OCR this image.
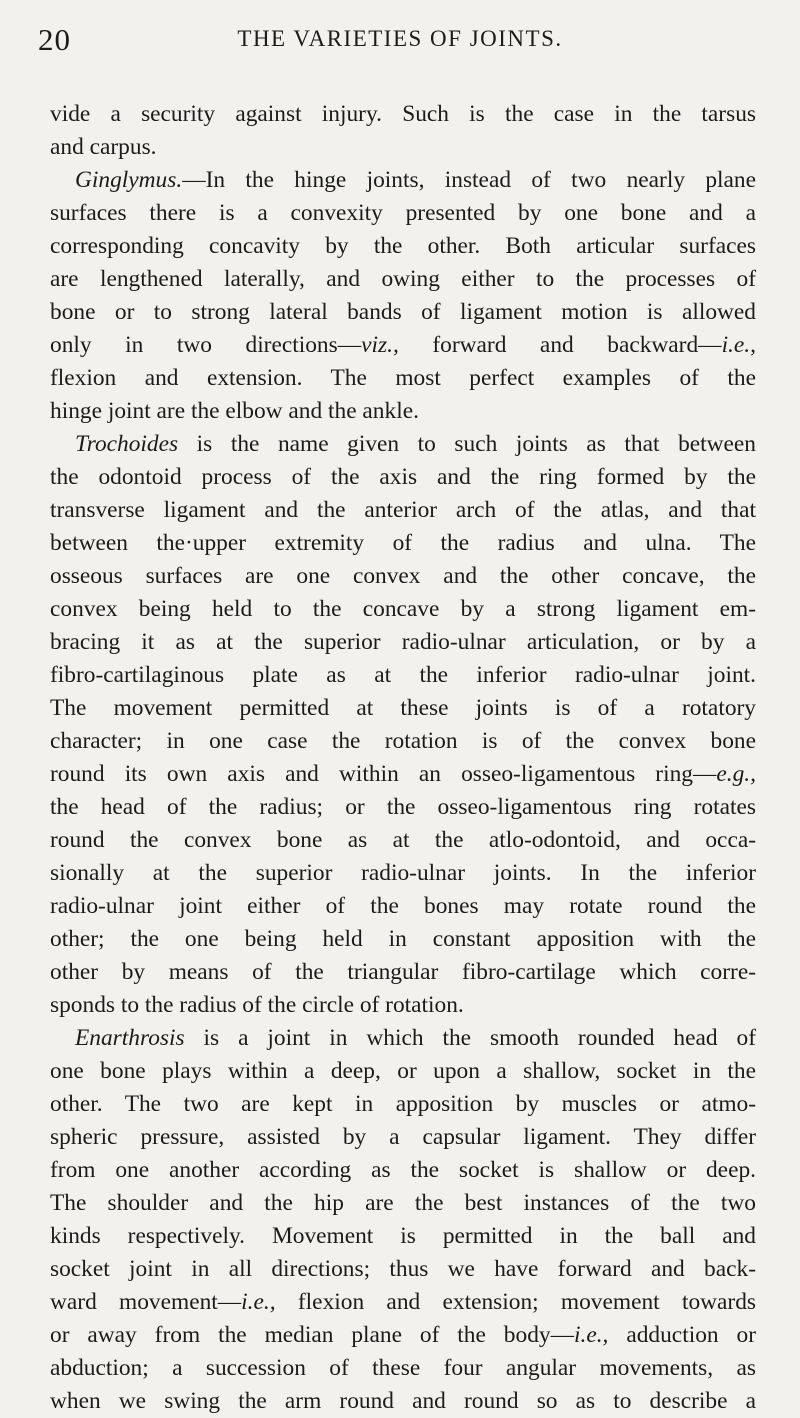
20	THE VARIETIES OF JOINTS.
vide a security against injury. Such is the case in the tarsus
and carpus.
Ginglymus.—In the hinge joints, instead of two nearly plane
surfaces there is a convexity presented by one bone and a
corresponding concavity by the other. Both articular surfaces
are lengthened laterally, and owing either to the processes of
bone or to strong lateral bands of ligament motion is allowed
only in two directions—viz., forward and backward—i.e.,
flexion and extension. The most perfect examples of the
hinge joint are the elbow and the ankle.
Trochoides is the name given to such joints as that between
the odontoid process of the axis and the ring formed by the
transverse ligament and the anterior arch of the atlas, and that
between the·upper extremity of the radius and ulna. The
osseous surfaces are one convex and the other concave, the
convex being held to the concave by a strong ligament em-
bracing it as at the superior radio-ulnar articulation, or by a
fibro-cartilaginous plate as at the inferior radio-ulnar joint.
The movement permitted at these joints is of a rotatory
character; in one case the rotation is of the convex bone
round its own axis and within an osseo-ligamentous ring—e.g.,
the head of the radius; or the osseo-ligamentous ring rotates
round the convex bone as at the atlo-odontoid, and occa-
sionally at the superior radio-ulnar joints. In the inferior
radio-ulnar joint either of the bones may rotate round the
other; the one being held in constant apposition with the
other by means of the triangular fibro-cartilage which corre-
sponds to the radius of the circle of rotation.
Enarthrosis is a joint in which the smooth rounded head of
one bone plays within a deep, or upon a shallow, socket in the
other. The two are kept in apposition by muscles or atmo-
spheric pressure, assisted by a capsular ligament. They differ
from one another according as the socket is shallow or deep.
The shoulder and the hip are the best instances of the two
kinds respectively. Movement is permitted in the ball and
socket joint in all directions; thus we have forward and back-
ward movement—i.e., flexion and extension; movement towards
or away from the median plane of the body—i.e., adduction or
abduction; a succession of these four angular movements, as
when we swing the arm round and round so as to describe a
